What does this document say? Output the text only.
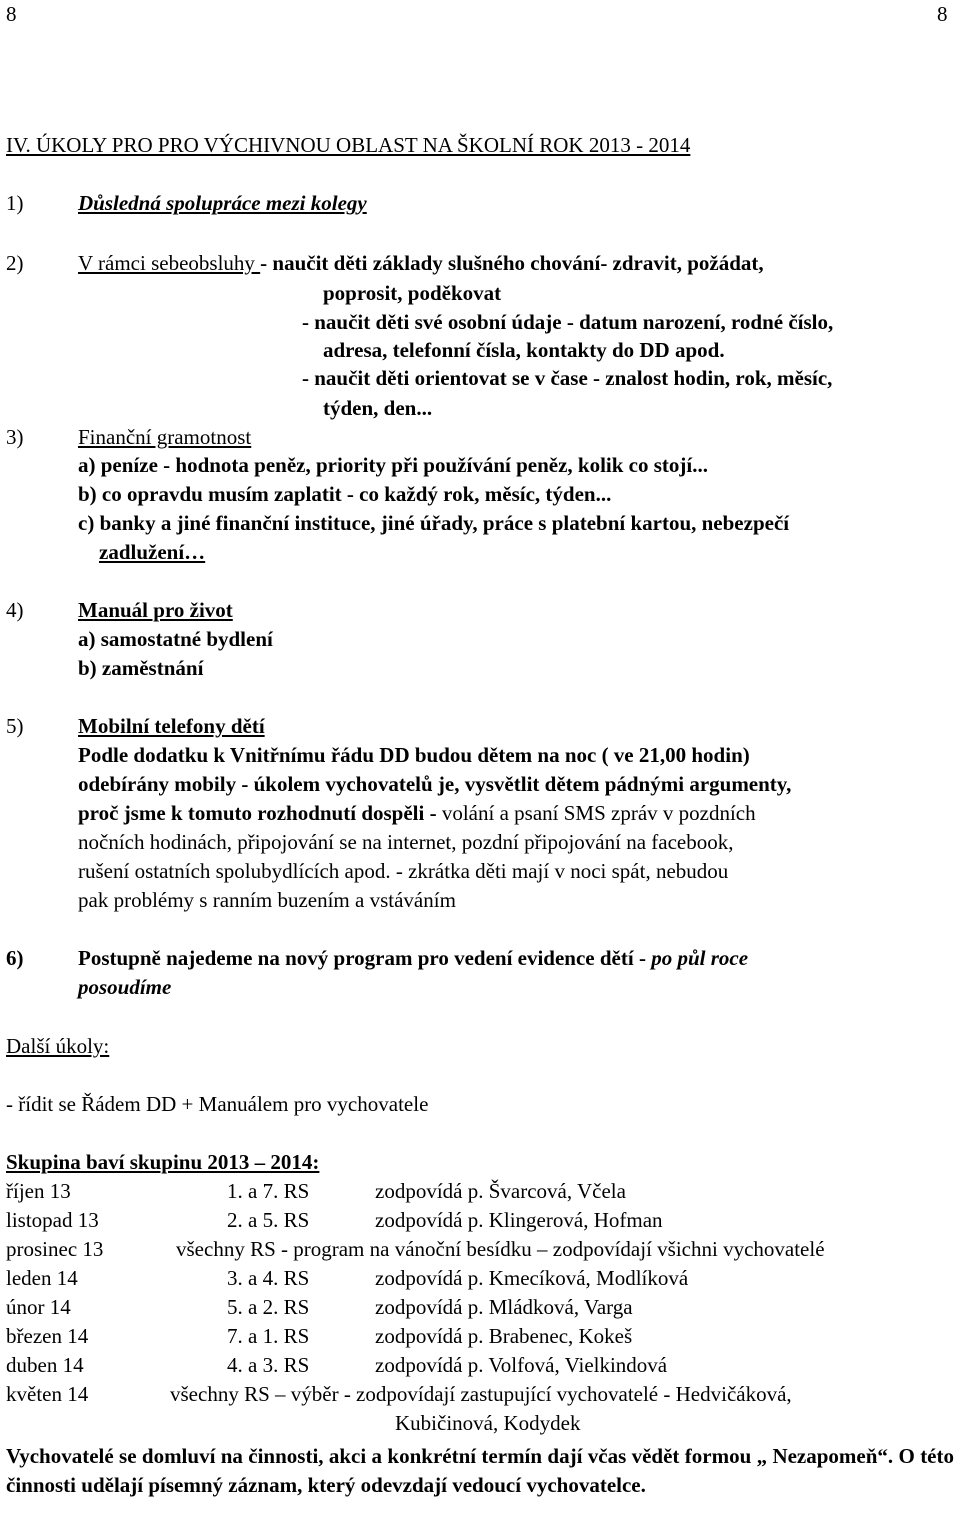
8	8
IV. ÚKOLY PRO PRO VÝCHIVNOU OBLAST NA ŠKOLNÍ ROK 2013 - 2014
1)	Důsledná spolupráce mezi kolegy
2)	V rámci sebeobsluhy - naučit děti základy slušného chování- zdravit, požádat,
poprosit, poděkovat
- naučit děti své osobní údaje - datum narození, rodné číslo,
adresa, telefonní čísla, kontakty do DD apod.
- naučit děti orientovat se v čase - znalost hodin, rok, měsíc,
týden, den...
3)	Finanční gramotnost
a) peníze - hodnota peněz, priority při používání peněz, kolik co stojí...
b) co opravdu musím zaplatit - co každý rok, měsíc, týden...
c) banky a jiné finanční instituce, jiné úřady, práce s platební kartou, nebezpečí
zadlužení…
4)	Manuál pro život
a) samostatné bydlení
b) zaměstnání
5)	Mobilní telefony dětí
Podle dodatku k Vnitřnímu řádu DD budou dětem na noc ( ve 21,00 hodin)
odebírány mobily - úkolem vychovatelů je, vysvětlit dětem pádnými argumenty,
proč jsme k tomuto rozhodnutí dospěli - volání a psaní SMS zpráv v pozdních
nočních hodinách, připojování se na internet, pozdní připojování na facebook,
rušení ostatních spolubydlících apod. - zkrátka děti mají v noci spát, nebudou
pak problémy s ranním buzením a vstáváním
6)	Postupně najedeme na nový program pro vedení evidence dětí - po půl roce
posoudíme
Další úkoly:
- řídit se Řádem DD + Manuálem pro vychovatele
Skupina baví skupinu 2013 – 2014:
říjen 13	1. a 7. RS	zodpovídá p. Švarcová, Včela
listopad 13	2. a 5. RS	zodpovídá p. Klingerová, Hofman
prosinec 13	všechny RS - program na vánoční besídku – zodpovídají všichni vychovatelé
leden 14	3. a 4. RS	zodpovídá p. Kmecíková, Modlíková
únor 14	5. a 2. RS	zodpovídá p. Mládková, Varga
březen 14	7. a 1. RS	zodpovídá p. Brabenec, Kokeš
duben 14	4. a 3. RS	zodpovídá p. Volfová, Vielkindová
květen 14	všechny RS – výběr - zodpovídají zastupující vychovatelé - Hedvičáková,
Kubičinová, Kodydek
Vychovatelé se domluví na činnosti, akci a konkrétní termín dají včas vědět formou „ Nezapomeň“. O této činnosti udělají písemný záznam, který odevzdají vedoucí vychovatelce.
